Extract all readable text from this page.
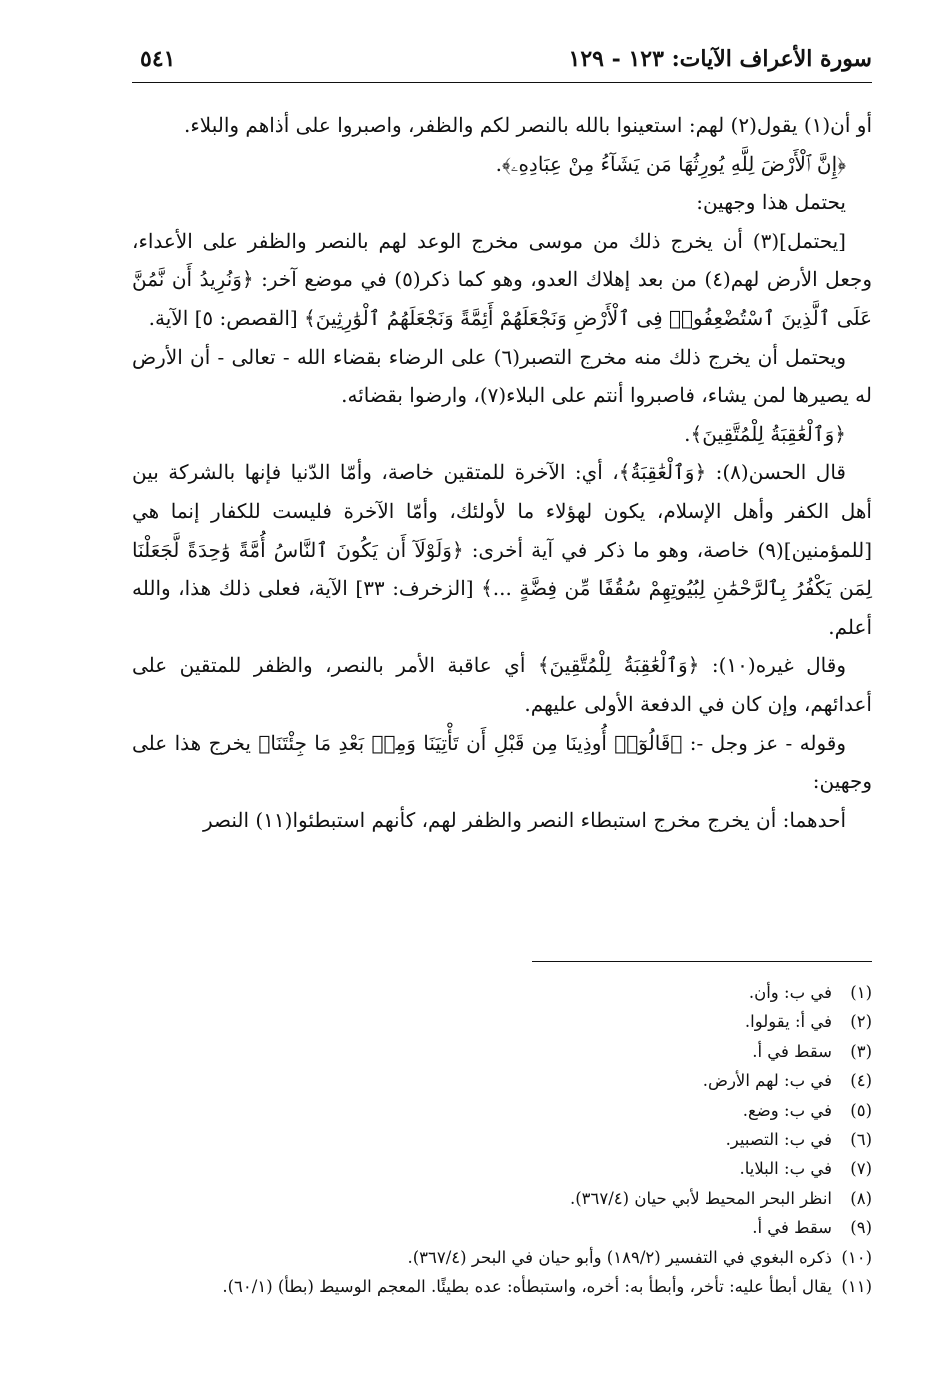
سورة الأعراف الآيات: ١٢٣ - ١٢٩
٥٤١

أو أن(١) يقول(٢) لهم: استعينوا بالله بالنصر لكم والظفر، واصبروا على أذاهم والبلاء.

﴿إِنَّ ٱلْأَرْضَ لِلَّهِ يُورِثُهَا مَن يَشَآءُ مِنْ عِبَادِهِۦ﴾.

يحتمل هذا وجهين:

[يحتمل](٣) أن يخرج ذلك من موسى مخرج الوعد لهم بالنصر والظفر على الأعداء، وجعل الأرض لهم(٤) من بعد إهلاك العدو، وهو كما ذكر(٥) في موضع آخر: ﴿وَنُرِيدُ أَن نَّمُنَّ عَلَى ٱلَّذِينَ ٱسْتُضْعِفُوا۟ فِى ٱلْأَرْضِ وَنَجْعَلَهُمْ أَئِمَّةً وَنَجْعَلَهُمُ ٱلْوَٰرِثِينَ﴾ [القصص: ٥] الآية.

ويحتمل أن يخرج ذلك منه مخرج التصبر(٦) على الرضاء بقضاء الله - تعالى - أن الأرض له يصيرها لمن يشاء، فاصبروا أنتم على البلاء(٧)، وارضوا بقضائه.

﴿وَٱلْعَٰقِبَةُ لِلْمُتَّقِينَ﴾.

قال الحسن(٨): ﴿وَٱلْعَٰقِبَةُ﴾، أي: الآخرة للمتقين خاصة، وأمّا الدّنيا فإنها بالشركة بين أهل الكفر وأهل الإسلام، يكون لهؤلاء ما لأولئك، وأمّا الآخرة فليست للكفار إنما هي [للمؤمنين](٩) خاصة، وهو ما ذكر في آية أخرى: ﴿وَلَوْلَآ أَن يَكُونَ ٱلنَّاسُ أُمَّةً وَٰحِدَةً لَّجَعَلْنَا لِمَن يَكْفُرُ بِٱلرَّحْمَٰنِ لِبُيُوتِهِمْ سُقُفًا مِّن فِضَّةٍ ...﴾ [الزخرف: ٣٣] الآية، فعلى ذلك هذا، والله أعلم.

وقال غيره(١٠): ﴿وَٱلْعَٰقِبَةُ لِلْمُتَّقِينَ﴾ أي عاقبة الأمر بالنصر، والظفر للمتقين على أعدائهم، وإن كان في الدفعة الأولى عليهم.

وقوله - عز وجل -: ﴿قَالُوٓا۟ أُوذِينَا مِن قَبْلِ أَن تَأْتِيَنَا وَمِنۢ بَعْدِ مَا جِئْتَنَا﴾ يخرج هذا على وجهين:

أحدهما: أن يخرج مخرج استبطاء النصر والظفر لهم، كأنهم استبطئوا(١١) النصر

(١)
في ب: وأن.
(٢)
في أ: يقولوا.
(٣)
سقط في أ.
(٤)
في ب: لهم الأرض.
(٥)
في ب: وضع.
(٦)
في ب: التصبير.
(٧)
في ب: البلايا.
(٨)
انظر البحر المحيط لأبي حيان (٣٦٧/٤).
(٩)
سقط في أ.
(١٠)
ذكره البغوي في التفسير (١٨٩/٢) وأبو حيان في البحر (٣٦٧/٤).
(١١)
يقال أبطأ عليه: تأخر، وأبطأ به: أخره، واستبطأه: عده بطيئًا. المعجم الوسيط (بطأ) (٦٠/١).
